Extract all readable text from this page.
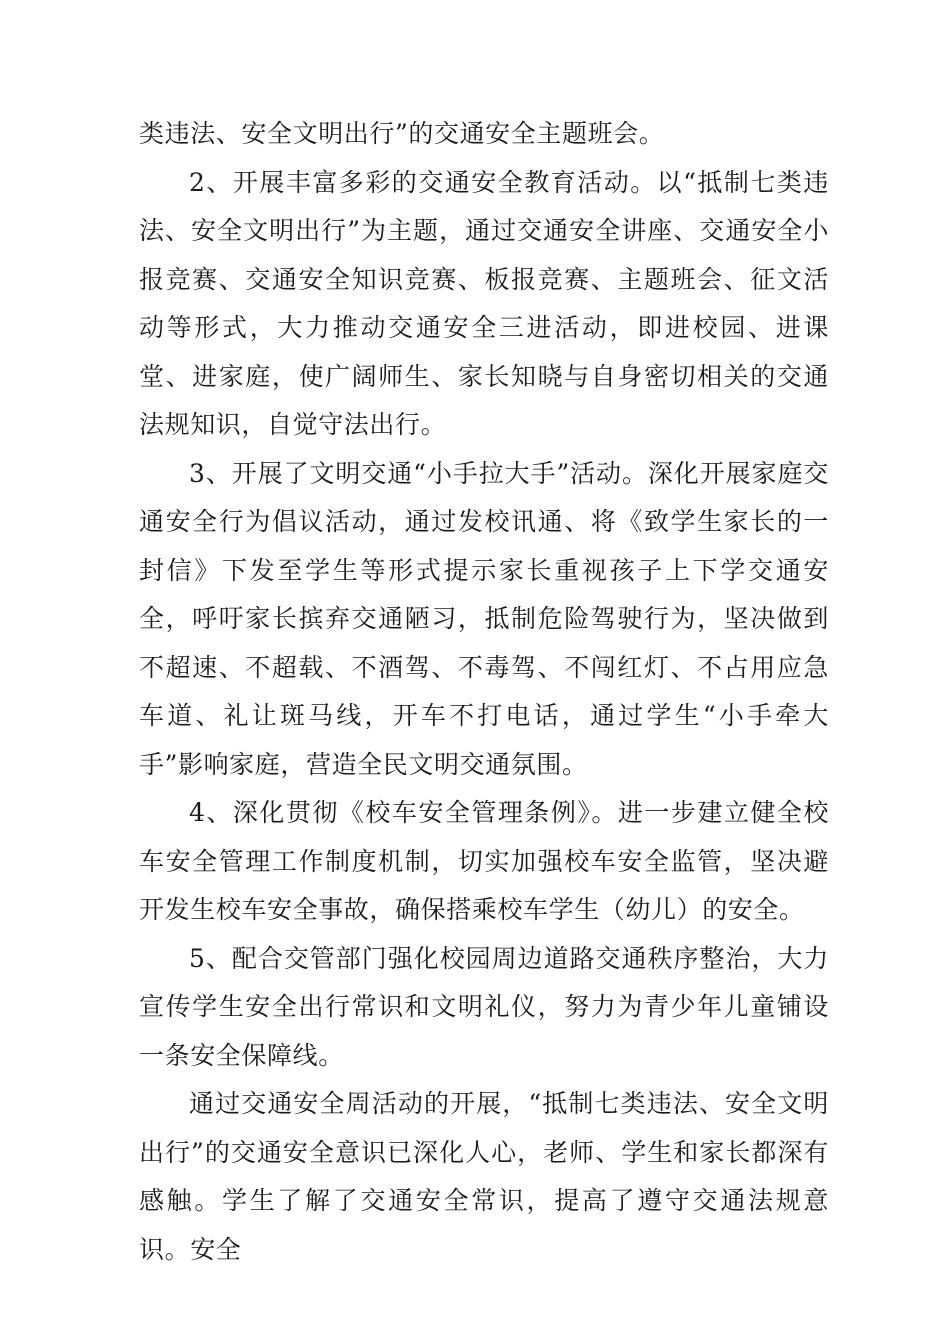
类违法、安全文明出行”的交通安全主题班会。

2、开展丰富多彩的交通安全教育活动。以“抵制七类违法、安全文明出行”为主题，通过交通安全讲座、交通安全小报竞赛、交通安全知识竞赛、板报竞赛、主题班会、征文活动等形式，大力推动交通安全三进活动，即进校园、进课堂、进家庭，使广阔师生、家长知晓与自身密切相关的交通法规知识，自觉守法出行。

3、开展了文明交通“小手拉大手”活动。深化开展家庭交通安全行为倡议活动，通过发校讯通、将《致学生家长的一封信》下发至学生等形式提示家长重视孩子上下学交通安全，呼吁家长摈弃交通陋习，抵制危险驾驶行为，坚决做到不超速、不超载、不酒驾、不毒驾、不闯红灯、不占用应急车道、礼让斑马线，开车不打电话，通过学生“小手牵大手”影响家庭，营造全民文明交通氛围。

4、深化贯彻《校车安全管理条例》。进一步建立健全校车安全管理工作制度机制，切实加强校车安全监管，坚决避开发生校车安全事故，确保搭乘校车学生（幼儿）的安全。

5、配合交管部门强化校园周边道路交通秩序整治，大力宣传学生安全出行常识和文明礼仪，努力为青少年儿童铺设一条安全保障线。

通过交通安全周活动的开展，“抵制七类违法、安全文明出行”的交通安全意识已深化人心，老师、学生和家长都深有感触。学生了解了交通安全常识，提高了遵守交通法规意识。安全
